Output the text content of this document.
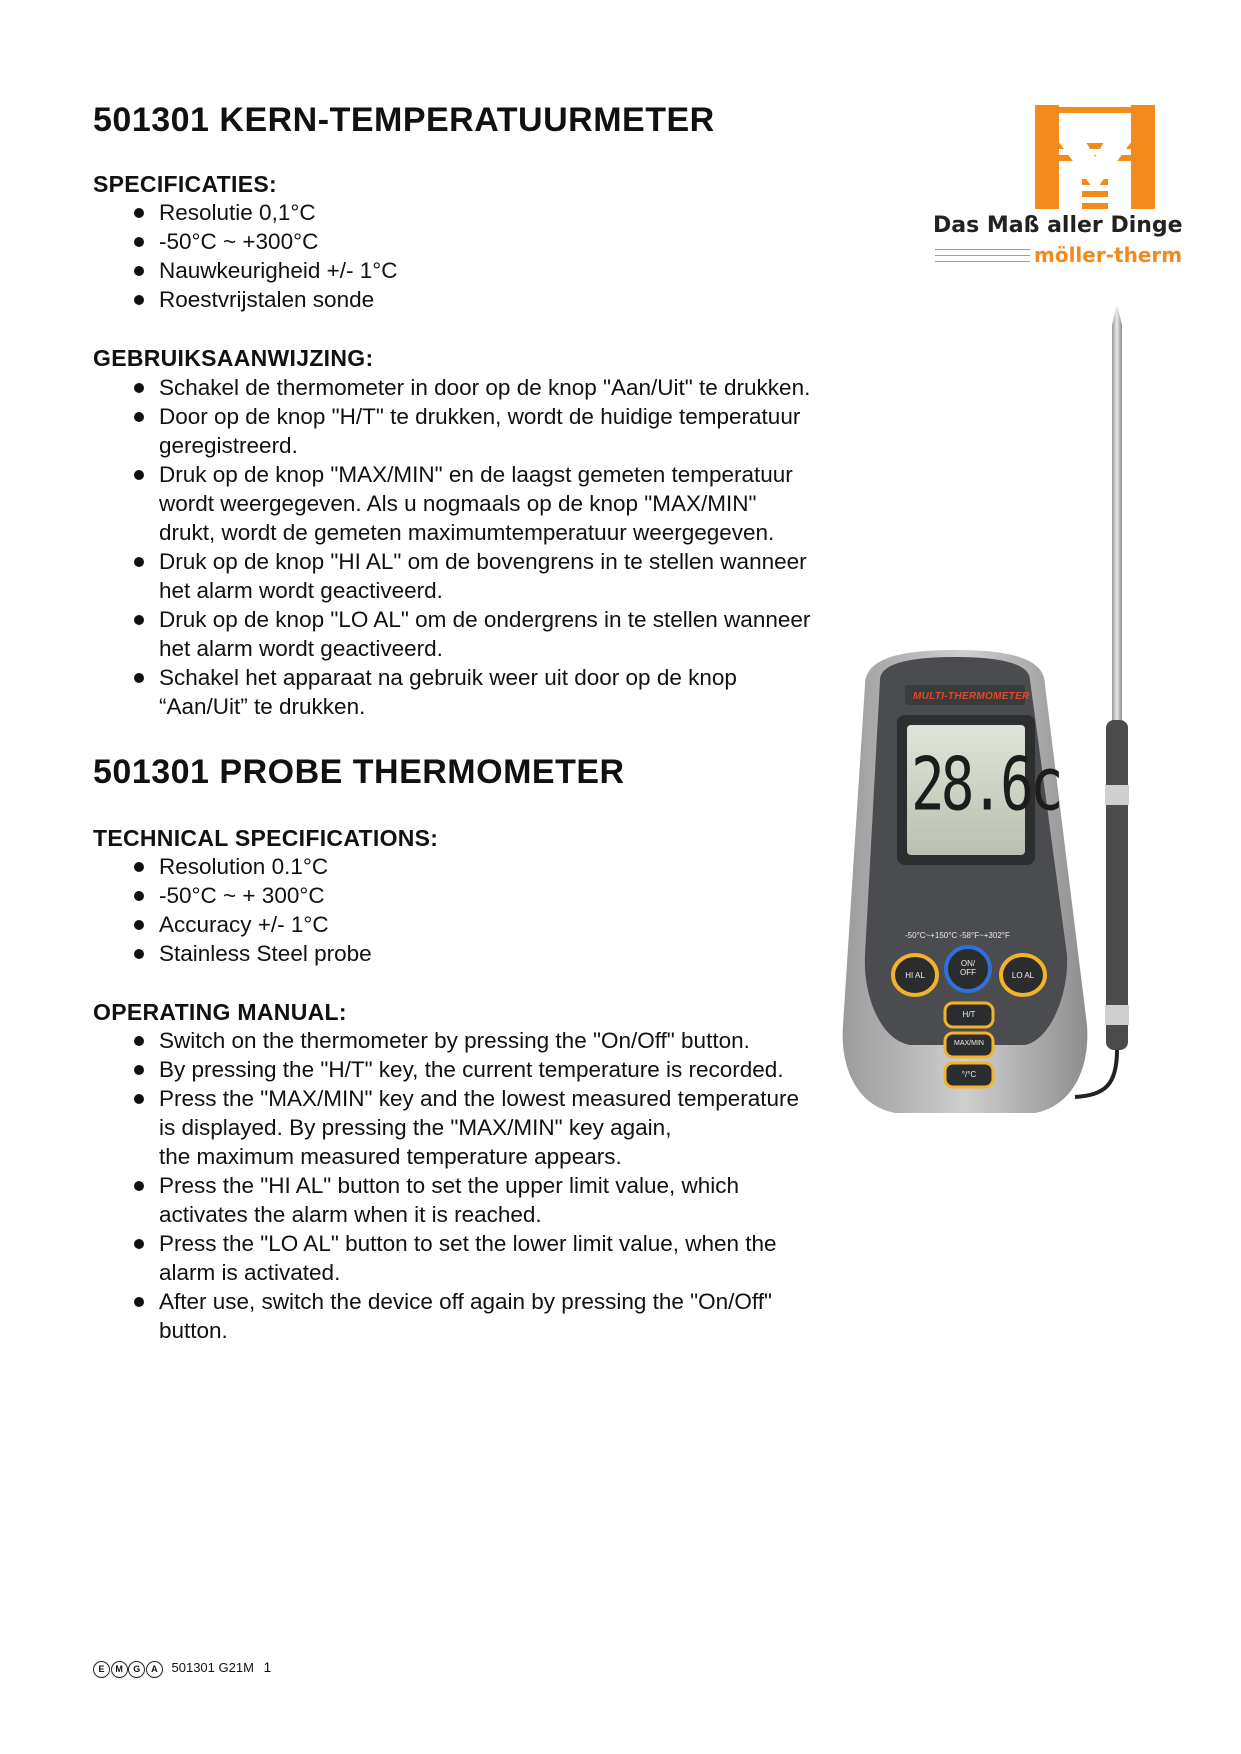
501301 KERN-TEMPERATUURMETER
SPECIFICATIES:
Resolutie 0,1°C
-50°C ~ +300°C
Nauwkeurigheid +/- 1°C
Roestvrijstalen sonde
GEBRUIKSAANWIJZING:
Schakel de thermometer in door op de knop "Aan/Uit" te drukken.
Door op de knop "H/T" te drukken, wordt de huidige temperatuur
geregistreerd.
Druk op de knop "MAX/MIN" en de laagst gemeten temperatuur
wordt weergegeven. Als u nogmaals op de knop "MAX/MIN"
drukt, wordt de gemeten maximumtemperatuur weergegeven.
Druk op de knop "HI AL" om de bovengrens in te stellen wanneer
het alarm wordt geactiveerd.
Druk op de knop "LO AL" om de ondergrens in te stellen wanneer
het alarm wordt geactiveerd.
Schakel het apparaat na gebruik weer uit door op de knop
“Aan/Uit” te drukken.
501301 PROBE THERMOMETER
TECHNICAL SPECIFICATIONS:
Resolution 0.1°C
-50°C ~ + 300°C
Accuracy +/- 1°C
Stainless Steel probe
OPERATING MANUAL:
Switch on the thermometer by pressing the "On/Off" button.
By pressing the "H/T" key, the current temperature is recorded.
Press the "MAX/MIN" key and the lowest measured temperature
is displayed. By pressing the "MAX/MIN" key again,
the maximum measured temperature appears.
Press the "HI AL" button to set the upper limit value, which
activates the alarm when it is reached.
Press the "LO AL" button to set the lower limit value, when the
alarm is activated.
After use, switch the device off again by pressing the "On/Off"
button.
Das Maß aller Dinge
möller-therm
MULTI-THERMOMETER
28.6c
-50°C~+150°C -58°F~+302°F
ON/ OFF
HI AL	LO AL
H/T
MAX/MIN
°/°C
E M G A 501301 G21M 1
